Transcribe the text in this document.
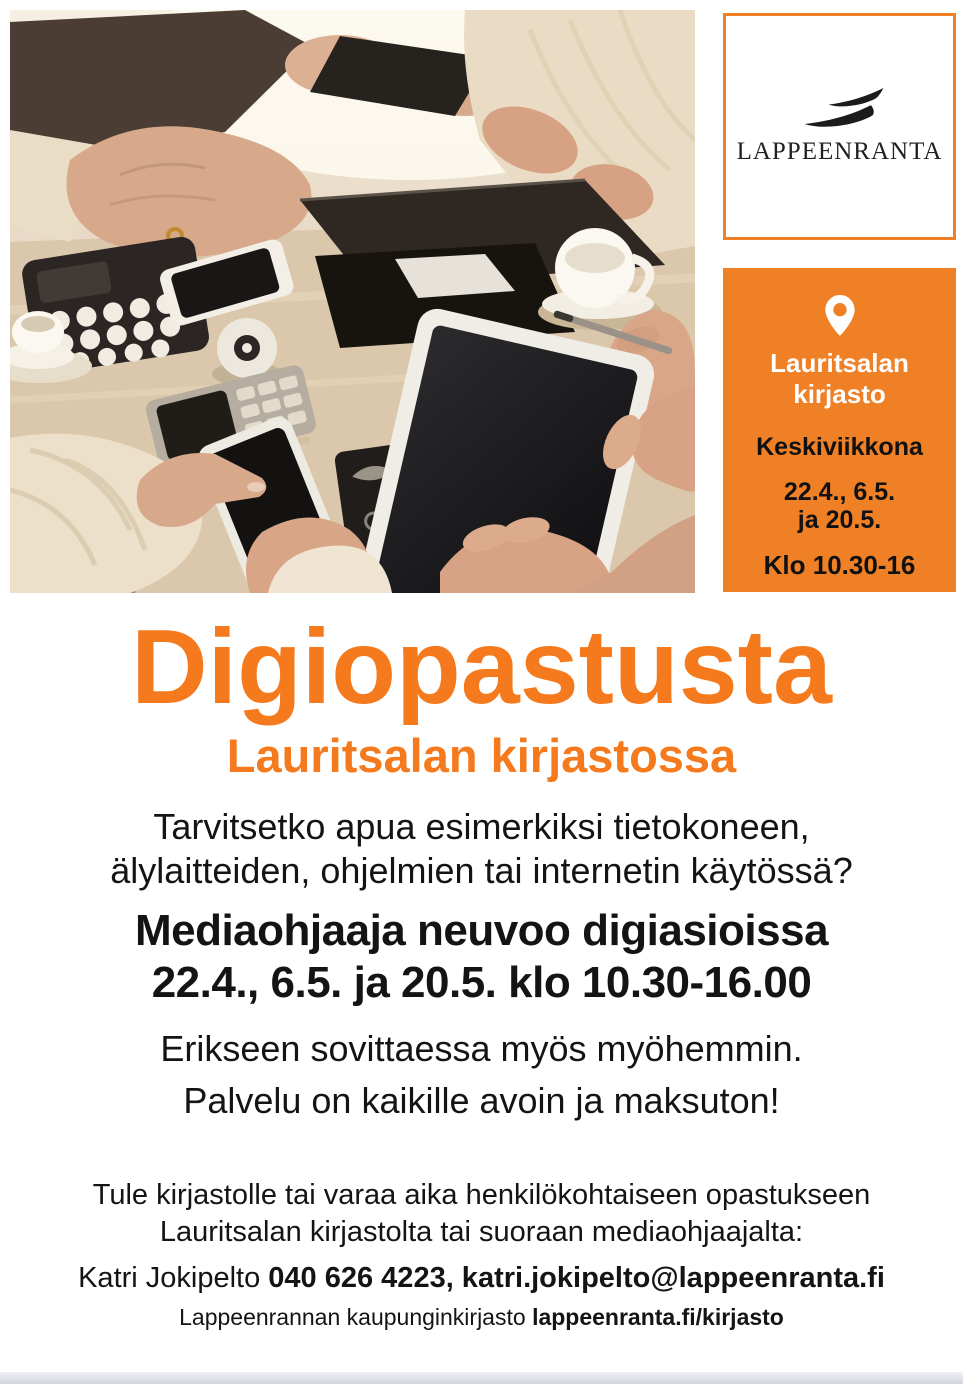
LAPPEENRANTA
Lauritsalan
kirjasto
Keskiviikkona
22.4., 6.5.
ja 20.5.
Klo 10.30-16
Digiopastusta
Lauritsalan kirjastossa
Tarvitsetko apua esimerkiksi tietokoneen,
älylaitteiden, ohjelmien tai internetin käytössä?
Mediaohjaaja neuvoo digiasioissa
22.4., 6.5. ja 20.5. klo 10.30-16.00
Erikseen sovittaessa myös myöhemmin.
Palvelu on kaikille avoin ja maksuton!
Tule kirjastolle tai varaa aika henkilökohtaiseen opastukseen
Lauritsalan kirjastolta tai suoraan mediaohjaajalta:
Katri Jokipelto 040 626 4223, katri.jokipelto@lappeenranta.fi
Lappeenrannan kaupunginkirjasto lappeenranta.fi/kirjasto
